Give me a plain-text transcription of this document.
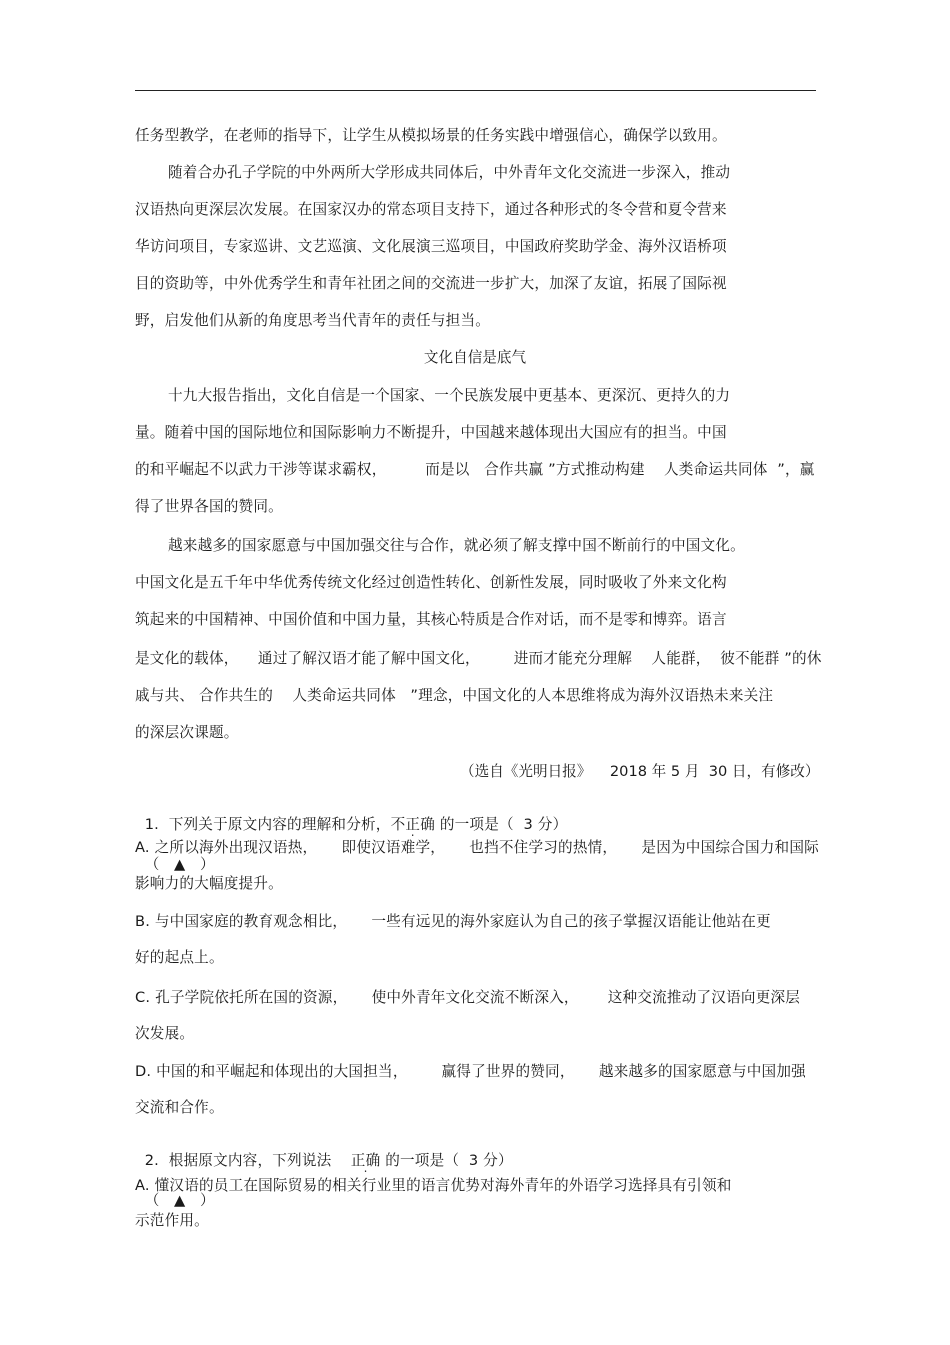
任务型教学，在老师的指导下，让学生从模拟场景的任务实践中增强信心，确保学以致用。
随着合办孔子学院的中外两所大学形成共同体后，中外青年文化交流进一步深入，推动
汉语热向更深层次发展。在国家汉办的常态项目支持下，通过各种形式的冬令营和夏令营来
华访问项目，专家巡讲、文艺巡演、文化展演三巡项目，中国政府奖助学金、海外汉语桥项
目的资助等，中外优秀学生和青年社团之间的交流进一步扩大，加深了友谊，拓展了国际视
野，启发他们从新的角度思考当代青年的责任与担当。
文化自信是底气
十九大报告指出，文化自信是一个国家、一个民族发展中更基本、更深沉、更持久的力
量。随着中国的国际地位和国际影响力不断提升，中国越来越体现出大国应有的担当。中国
的和平崛起不以武力干涉等谋求霸权，        而是以   合作共赢 ”方式推动构建    人类命运共同体  ”，赢
得了世界各国的赞同。
越来越多的国家愿意与中国加强交往与合作，就必须了解支撑中国不断前行的中国文化。
中国文化是五千年中华优秀传统文化经过创造性转化、创新性发展，同时吸收了外来文化构
筑起来的中国精神、中国价值和中国力量，其核心特质是合作对话，而不是零和博弈。语言
是文化的载体，    通过了解汉语才能了解中国文化，       进而才能充分理解    人能群，  彼不能群 ”的休
戚与共、 合作共生的    人类命运共同体   ”理念，中国文化的人本思维将成为海外汉语热未来关注
的深层次课题。
（选自《光明日报》    2018 年 5 月  30 日，有修改）

1.  下列关于原文内容的理解和分析，不正确 的一项是（  3 分）

（   ▲   ）

A. 之所以海外出现汉语热，     即使汉语难学，     也挡不住学习的热情，     是因为中国综合国力和国际
影响力的大幅度提升。
B. 与中国家庭的教育观念相比，     一些有远见的海外家庭认为自己的孩子掌握汉语能让他站在更
好的起点上。
C. 孔子学院依托所在国的资源，     使中外青年文化交流不断深入，      这种交流推动了汉语向更深层
次发展。
D. 中国的和平崛起和体现出的大国担当，       赢得了世界的赞同，     越来越多的国家愿意与中国加强
交流和合作。

2.  根据原文内容，下列说法    正确 的一项是（  3 分）

（   ▲   ）

A. 懂汉语的员工在国际贸易的相关行业里的语言优势对海外青年的外语学习选择具有引领和
示范作用。
